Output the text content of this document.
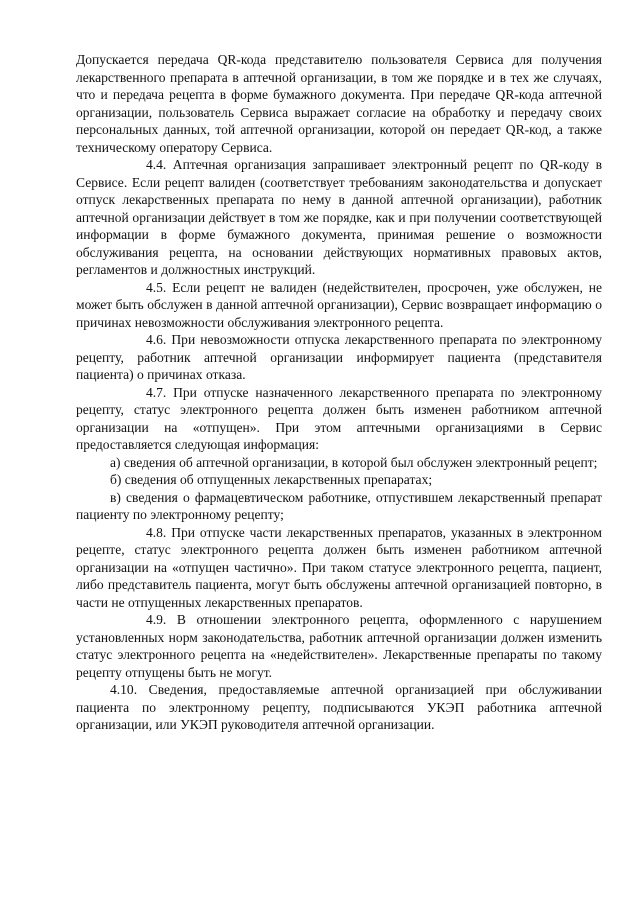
Допускается передача QR-кода представителю пользователя Сервиса для получения лекарственного препарата в аптечной организации, в том же порядке и в тех же случаях, что и передача рецепта в форме бумажного документа. При передаче QR-кода аптечной организации, пользователь Сервиса выражает согласие на обработку и передачу своих персональных данных, той аптечной организации, которой он передает QR-код, а также техническому оператору Сервиса.

4.4. Аптечная организация запрашивает электронный рецепт по QR-коду в Сервисе. Если рецепт валиден (соответствует требованиям законодательства и допускает отпуск лекарственных препарата по нему в данной аптечной организации), работник аптечной организации действует в том же порядке, как и при получении соответствующей информации в форме бумажного документа, принимая решение о возможности обслуживания рецепта, на основании действующих нормативных правовых актов, регламентов и должностных инструкций.

4.5. Если рецепт не валиден (недействителен, просрочен, уже обслужен, не может быть обслужен в данной аптечной организации), Сервис возвращает информацию о причинах невозможности обслуживания электронного рецепта.

4.6. При невозможности отпуска лекарственного препарата по электронному рецепту, работник аптечной организации информирует пациента (представителя пациента) о причинах отказа.

4.7. При отпуске назначенного лекарственного препарата по электронному рецепту, статус электронного рецепта должен быть изменен работником аптечной организации на «отпущен». При этом аптечными организациями в Сервис предоставляется следующая информация:

а) сведения об аптечной организации, в которой был обслужен электронный рецепт;

б) сведения об отпущенных лекарственных препаратах;

в) сведения о фармацевтическом работнике, отпустившем лекарственный препарат пациенту по электронному рецепту;

4.8. При отпуске части лекарственных препаратов, указанных в электронном рецепте, статус электронного рецепта должен быть изменен работником аптечной организации на «отпущен частично». При таком статусе электронного рецепта, пациент, либо представитель пациента, могут быть обслужены аптечной организацией повторно, в части не отпущенных лекарственных препаратов.

4.9. В отношении электронного рецепта, оформленного с нарушением установленных норм законодательства, работник аптечной организации должен изменить статус электронного рецепта на «недействителен». Лекарственные препараты по такому рецепту отпущены быть не могут.

4.10. Сведения, предоставляемые аптечной организацией при обслуживании пациента по электронному рецепту, подписываются УКЭП работника аптечной организации, или УКЭП руководителя аптечной организации.
